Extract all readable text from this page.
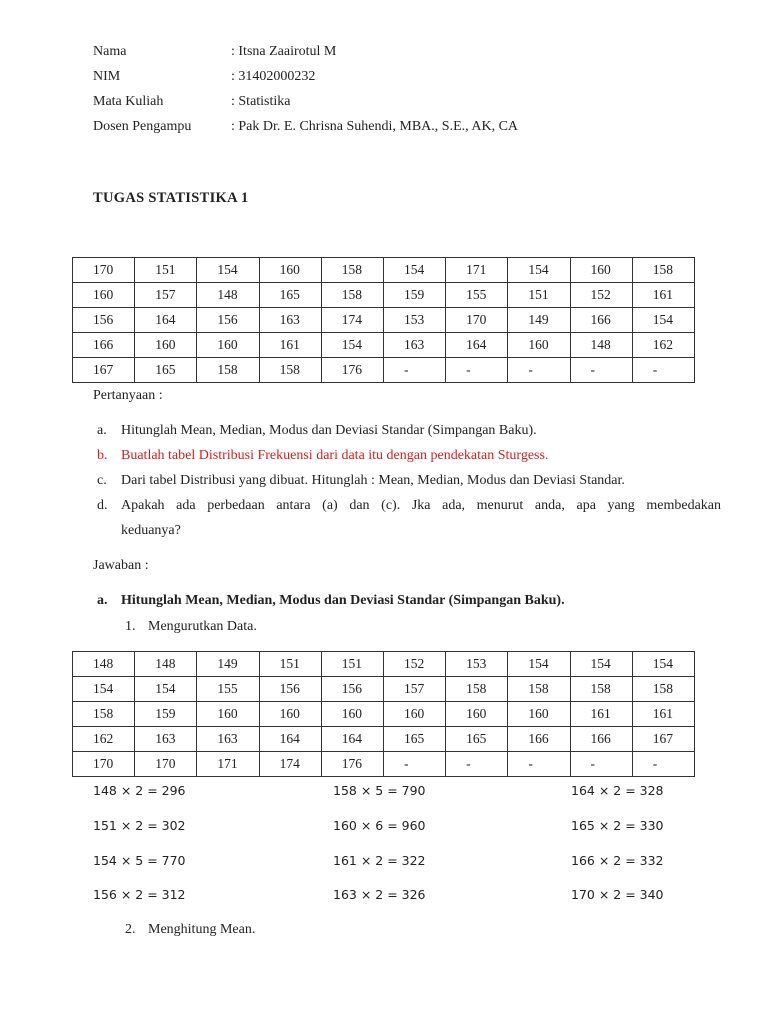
Nama	: Itsna Zaairotul M
NIM	: 31402000232
Mata Kuliah	: Statistika
Dosen Pengampu	: Pak Dr. E. Chrisna Suhendi, MBA., S.E., AK, CA
TUGAS STATISTIKA 1
170	151	154	160	158	154	171	154	160	158
160	157	148	165	158	159	155	151	152	161
156	164	156	163	174	153	170	149	166	154
166	160	160	161	154	163	164	160	148	162
167	165	158	158	176	-	-	-	-	-
Pertanyaan :
a. Hitunglah Mean, Median, Modus dan Deviasi Standar (Simpangan Baku).
b. Buatlah tabel Distribusi Frekuensi dari data itu dengan pendekatan Sturgess.
c. Dari tabel Distribusi yang dibuat. Hitunglah : Mean, Median, Modus dan Deviasi Standar.
d. Apakah ada perbedaan antara (a) dan (c). Jka ada, menurut anda, apa yang membedakan
keduanya?
Jawaban :
a. Hitunglah Mean, Median, Modus dan Deviasi Standar (Simpangan Baku).
1. Mengurutkan Data.
148	148	149	151	151	152	153	154	154	154
154	154	155	156	156	157	158	158	158	158
158	159	160	160	160	160	160	160	161	161
162	163	163	164	164	165	165	166	166	167
170	170	171	174	176	-	-	-	-	-
148 × 2 = 296	158 × 5 = 790	164 × 2 = 328
151 × 2 = 302	160 × 6 = 960	165 × 2 = 330
154 × 5 = 770	161 × 2 = 322	166 × 2 = 332
156 × 2 = 312	163 × 2 = 326	170 × 2 = 340
2. Menghitung Mean.
